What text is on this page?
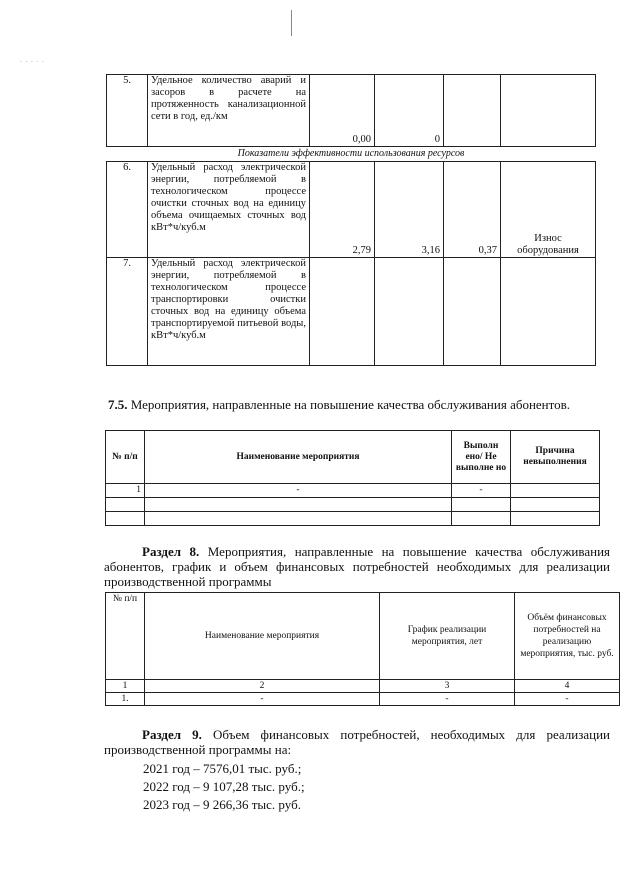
. . . . .
5.	Удельное количество аварий и засоров в расчете на протяженность канализационной сети в год, ед./км	0,00	0		
Показатели эффективности использования ресурсов					
6.	Удельный расход электрической энергии, потребляемой в технологическом процессе очистки сточных вод на единицу объема очищаемых сточных вод кВт*ч/куб.м	2,79	3,16	0,37	Износ оборудования
7.	Удельный расход электрической энергии, потребляемой в технологическом процессе транспортировки очистки сточных вод на единицу объема транспортируемой питьевой воды, кВт*ч/куб.м				
7.5. Мероприятия, направленные на повышение качества обслуживания абонентов.
№ п/п	Наименование мероприятия	Выполн ено/ Не выполне но	Причина невыполнения
1	-	-	

Раздел 8. Мероприятия, направленные на повышение качества обслуживания абонентов, график и объем финансовых потребностей необходимых для реализации производственной программы
№ п/п	Наименование мероприятия	График реализации мероприятия, лет	Объём финансовых потребностей на реализацию мероприятия, тыс. руб.
1	2	3	4
1.	-	-	-
Раздел 9. Объем финансовых потребностей, необходимых для реализации производственной программы на:
2021 год – 7576,01 тыс. руб.;
2022 год – 9 107,28 тыс. руб.;
2023 год – 9 266,36 тыс. руб.
